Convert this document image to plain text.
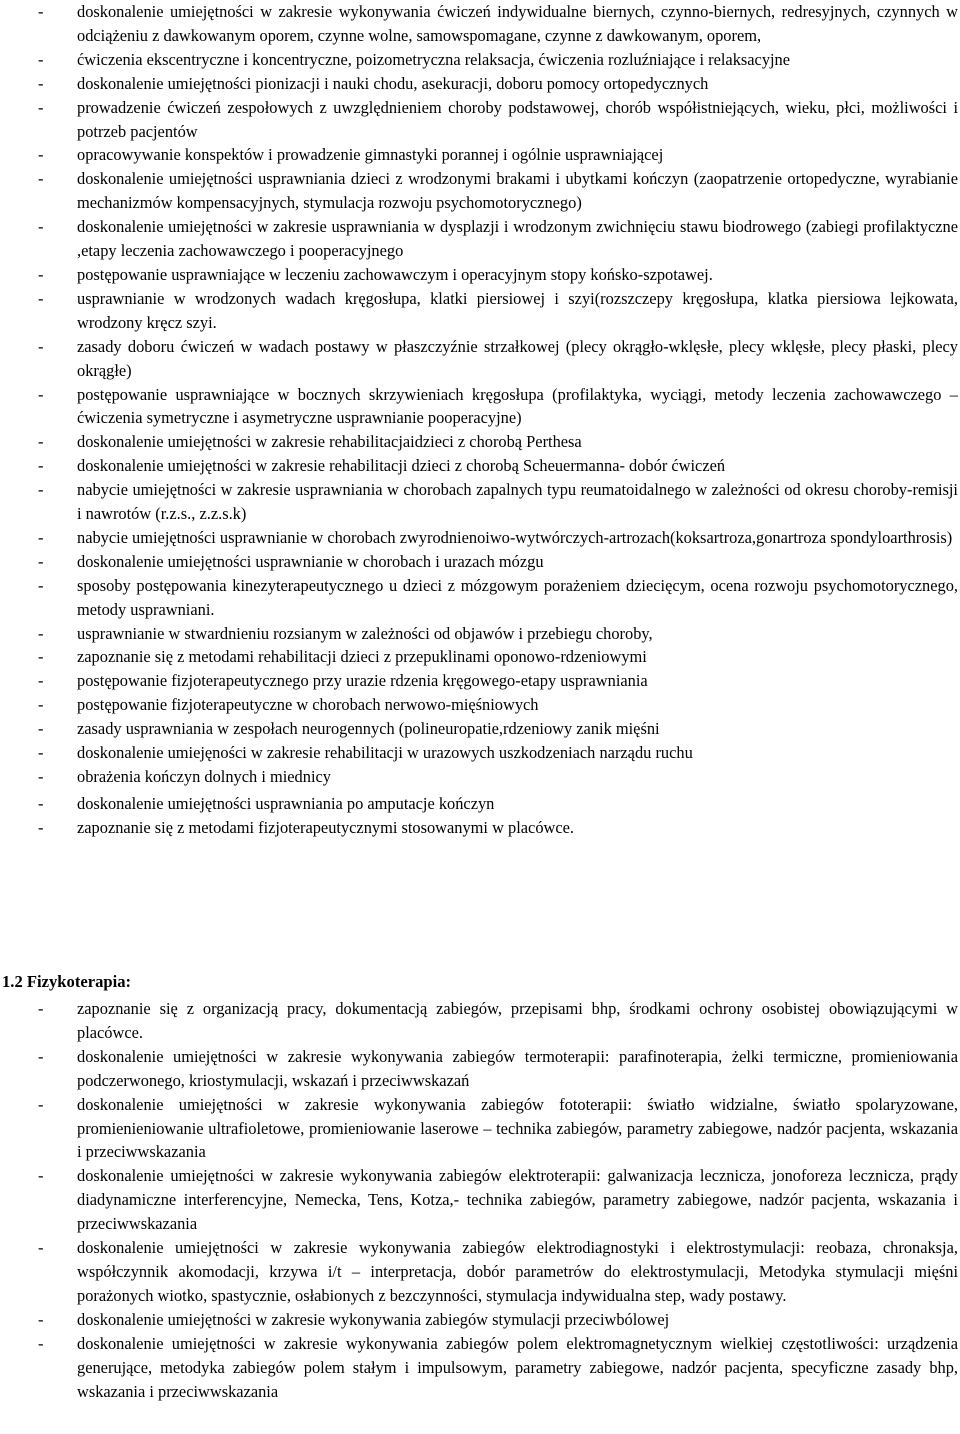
- doskonalenie umiejętności w zakresie wykonywania ćwiczeń indywidualne biernych, czynno-biernych, redresyjnych, czynnych w odciążeniu z dawkowanym oporem, czynne wolne, samowspomagane, czynne z dawkowanym, oporem,
- ćwiczenia ekscentryczne i koncentryczne, poizometryczna relaksacja, ćwiczenia rozluźniające i relaksacyjne
- doskonalenie umiejętności pionizacji i nauki chodu, asekuracji, doboru pomocy ortopedycznych
- prowadzenie ćwiczeń zespołowych z uwzględnieniem choroby podstawowej, chorób współistniejących, wieku, płci, możliwości i potrzeb pacjentów
- opracowywanie konspektów i prowadzenie gimnastyki porannej i ogólnie usprawniającej
- doskonalenie umiejętności usprawniania dzieci z wrodzonymi brakami i ubytkami kończyn (zaopatrzenie ortopedyczne, wyrabianie mechanizmów kompensacyjnych, stymulacja rozwoju psychomotorycznego)
- doskonalenie umiejętności w zakresie usprawniania w dysplazji i wrodzonym zwichnięciu stawu biodrowego (zabiegi profilaktyczne ,etapy leczenia zachowawczego i pooperacyjnego
- postępowanie usprawniające w leczeniu zachowawczym i operacyjnym stopy końsko-szpotawej.
- usprawnianie w wrodzonych wadach kręgosłupa, klatki piersiowej i szyi(rozszczepy kręgosłupa, klatka piersiowa lejkowata, wrodzony kręcz szyi.
- zasady doboru ćwiczeń w wadach postawy w płaszczyźnie strzałkowej (plecy okrągło-wklęsłe, plecy wklęsłe, plecy płaski, plecy okrągłe)
- postępowanie usprawniające w bocznych skrzywieniach kręgosłupa (profilaktyka, wyciągi, metody leczenia zachowawczego –ćwiczenia symetryczne i asymetryczne usprawnianie pooperacyjne)
- doskonalenie umiejętności w zakresie rehabilitacjaidzieci z chorobą Perthesa
- doskonalenie umiejętności w zakresie rehabilitacji dzieci z chorobą Scheuermanna- dobór ćwiczeń
- nabycie umiejętności w zakresie usprawniania w chorobach zapalnych typu reumatoidalnego w zależności od okresu choroby-remisji i nawrotów (r.z.s., z.z.s.k)
- nabycie umiejętności usprawnianie w chorobach zwyrodnienoiwo-wytwórczych-artrozach(koksartroza,gonartroza spondyloarthrosis)
- doskonalenie umiejętności usprawnianie w chorobach i urazach mózgu
- sposoby postępowania kinezyterapeutycznego u dzieci z mózgowym porażeniem dziecięcym, ocena rozwoju psychomotorycznego, metody usprawniani.
- usprawnianie w stwardnieniu rozsianym w zależności od objawów i przebiegu choroby,
- zapoznanie się z metodami rehabilitacji dzieci z przepuklinami oponowo-rdzeniowymi
- postępowanie fizjoterapeutycznego przy urazie rdzenia kręgowego-etapy usprawniania
- postępowanie fizjoterapeutyczne w chorobach nerwowo-mięśniowych
- zasady usprawniania w zespołach neurogennych (polineuropatie,rdzeniowy zanik mięśni
- doskonalenie umiejęności w zakresie rehabilitacji w urazowych uszkodzeniach narządu ruchu
- obrażenia kończyn dolnych i miednicy
- doskonalenie umiejętności usprawniania po amputacje kończyn
- zapoznanie się z metodami fizjoterapeutycznymi stosowanymi w placówce.
1.2 Fizykoterapia:
- zapoznanie się z organizacją pracy, dokumentacją zabiegów, przepisami bhp, środkami ochrony osobistej obowiązującymi w placówce.
- doskonalenie umiejętności w zakresie wykonywania zabiegów termoterapii: parafinoterapia, żelki termiczne, promieniowania podczerwonego, kriostymulacji, wskazań i przeciwwskazań
- doskonalenie umiejętności w zakresie wykonywania zabiegów fototerapii: światło widzialne, światło spolaryzowane, promienieniowanie ultrafioletowe, promieniowanie laserowe – technika zabiegów, parametry zabiegowe, nadzór pacjenta, wskazania i przeciwwskazania
- doskonalenie umiejętności w zakresie wykonywania zabiegów elektroterapii: galwanizacja lecznicza, jonoforeza lecznicza, prądy diadynamiczne interferencyjne, Nemecka, Tens, Kotza,- technika zabiegów, parametry zabiegowe, nadzór pacjenta, wskazania i przeciwwskazania
- doskonalenie umiejętności w zakresie wykonywania zabiegów elektrodiagnostyki i elektrostymulacji: reobaza, chronaksja, współczynnik akomodacji, krzywa i/t – interpretacja, dobór parametrów do elektrostymulacji, Metodyka stymulacji mięśni porażonych wiotko, spastycznie, osłabionych z bezczynności, stymulacja indywidualna step, wady postawy.
- doskonalenie umiejętności w zakresie wykonywania zabiegów stymulacji przeciwbólowej
- doskonalenie umiejętności w zakresie wykonywania zabiegów polem elektromagnetycznym wielkiej częstotliwości: urządzenia generujące, metodyka zabiegów polem stałym i impulsowym, parametry zabiegowe, nadzór pacjenta, specyficzne zasady bhp, wskazania i przeciwwskazania
